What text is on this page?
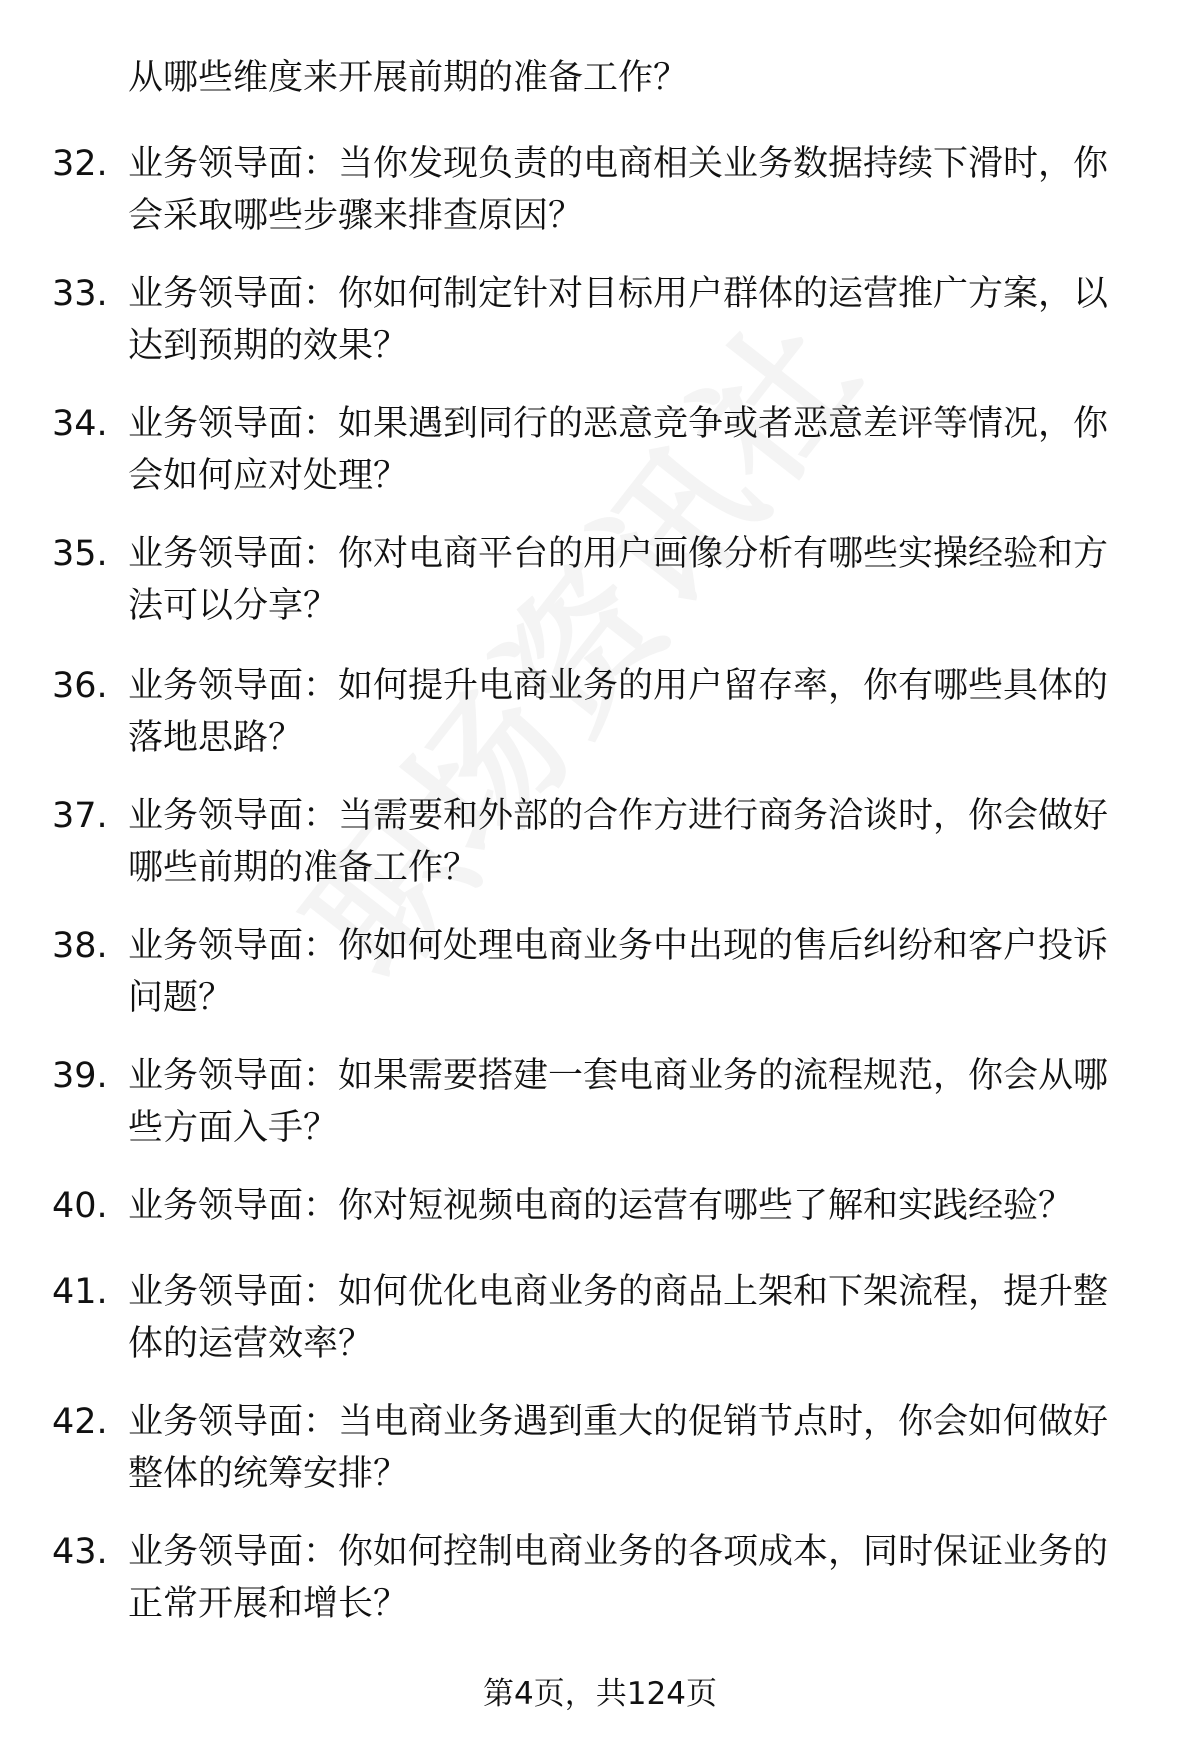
从哪些维度来开展前期的准备工作？
32. 业务领导面：当你发现负责的电商相关业务数据持续下滑时，你
会采取哪些步骤来排查原因？
33. 业务领导面：你如何制定针对目标用户群体的运营推广方案，以
达到预期的效果？
34. 业务领导面：如果遇到同行的恶意竞争或者恶意差评等情况，你
会如何应对处理？
35. 业务领导面：你对电商平台的用户画像分析有哪些实操经验和方
法可以分享？
36. 业务领导面：如何提升电商业务的用户留存率，你有哪些具体的
落地思路？
37. 业务领导面：当需要和外部的合作方进行商务洽谈时，你会做好
哪些前期的准备工作？
38. 业务领导面：你如何处理电商业务中出现的售后纠纷和客户投诉
问题？
39. 业务领导面：如果需要搭建一套电商业务的流程规范，你会从哪
些方面入手？
40. 业务领导面：你对短视频电商的运营有哪些了解和实践经验？
41. 业务领导面：如何优化电商业务的商品上架和下架流程，提升整
体的运营效率？
42. 业务领导面：当电商业务遇到重大的促销节点时，你会如何做好
整体的统筹安排？
43. 业务领导面：你如何控制电商业务的各项成本，同时保证业务的
正常开展和增长？
第4页，共124页
